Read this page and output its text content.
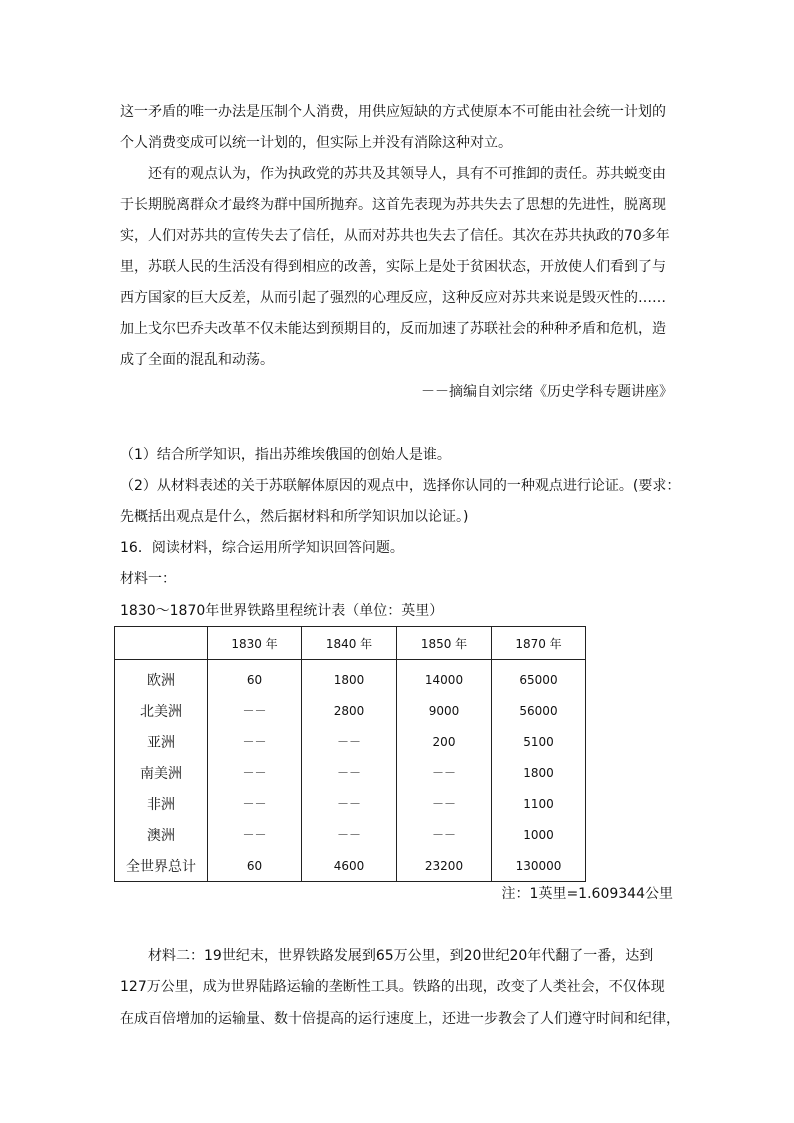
这一矛盾的唯一办法是压制个人消费，用供应短缺的方式使原本不可能由社会统一计划的
个人消费变成可以统一计划的，但实际上并没有消除这种对立。
还有的观点认为，作为执政党的苏共及其领导人，具有不可推卸的责任。苏共蜕变由
于长期脱离群众才最终为群中国所抛弃。这首先表现为苏共失去了思想的先进性，脱离现
实，人们对苏共的宣传失去了信任，从而对苏共也失去了信任。其次在苏共执政的70多年
里，苏联人民的生活没有得到相应的改善，实际上是处于贫困状态，开放使人们看到了与
西方国家的巨大反差，从而引起了强烈的心理反应，这种反应对苏共来说是毁灭性的……
加上戈尔巴乔夫改革不仅未能达到预期目的，反而加速了苏联社会的种种矛盾和危机，造
成了全面的混乱和动荡。
－－摘编自刘宗绪《历史学科专题讲座》
（1）结合所学知识，指出苏维埃俄国的创始人是谁。
（2）从材料表述的关于苏联解体原因的观点中，选择你认同的一种观点进行论证。(要求：
先概括出观点是什么，然后据材料和所学知识加以论证。)
16．阅读材料，综合运用所学知识回答问题。
材料一：
1830～1870年世界铁路里程统计表（单位：英里）
	1830 年	1840 年	1850 年	1870 年
欧洲	60	1800	14000	65000
北美洲	－－	2800	9000	56000
亚洲	－－	－－	200	5100
南美洲	－－	－－	－－	1800
非洲	－－	－－	－－	1100
澳洲	－－	－－	－－	1000
全世界总计	60	4600	23200	130000
注：1英里=1.609344公里
材料二：19世纪末，世界铁路发展到65万公里，到20世纪20年代翻了一番，达到
127万公里，成为世界陆路运输的垄断性工具。铁路的出现，改变了人类社会，不仅体现
在成百倍增加的运输量、数十倍提高的运行速度上，还进一步教会了人们遵守时间和纪律，
